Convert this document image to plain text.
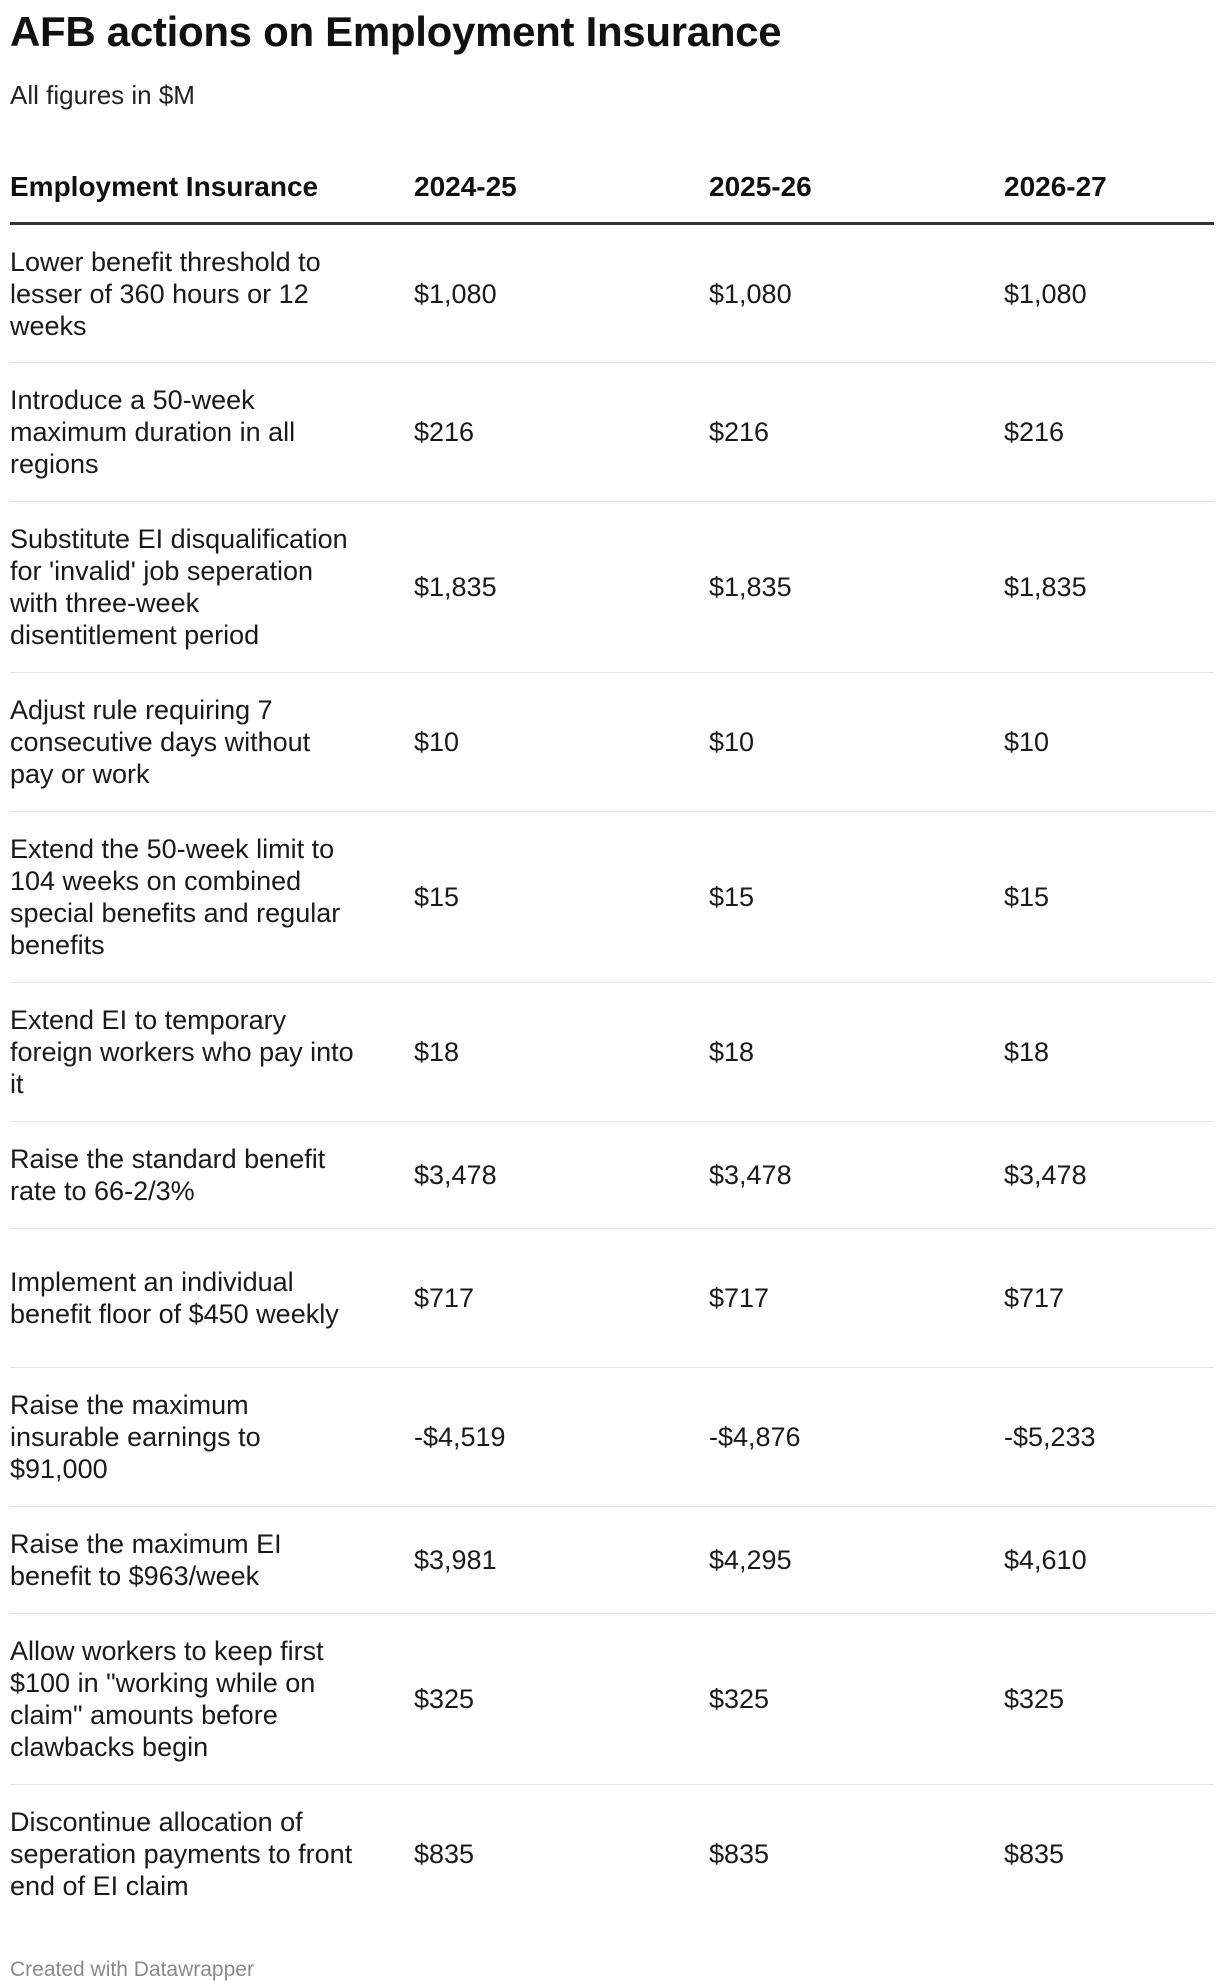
AFB actions on Employment Insurance
All figures in $M
Employment Insurance	2024-25	2025-26	2026-27
Lower benefit threshold to lesser of 360 hours or 12 weeks	$1,080	$1,080	$1,080
Introduce a 50-week maximum duration in all regions	$216	$216	$216
Substitute EI disqualification for 'invalid' job seperation with three-week disentitlement period	$1,835	$1,835	$1,835
Adjust rule requiring 7 consecutive days without pay or work	$10	$10	$10
Extend the 50-week limit to 104 weeks on combined special benefits and regular benefits	$15	$15	$15
Extend EI to temporary foreign workers who pay into it	$18	$18	$18
Raise the standard benefit rate to 66-2/3%	$3,478	$3,478	$3,478
Implement an individual benefit floor of $450 weekly	$717	$717	$717
Raise the maximum insurable earnings to $91,000	-$4,519	-$4,876	-$5,233
Raise the maximum EI benefit to $963/week	$3,981	$4,295	$4,610
Allow workers to keep first $100 in "working while on claim" amounts before clawbacks begin	$325	$325	$325
Discontinue allocation of seperation payments to front end of EI claim	$835	$835	$835
Created with Datawrapper
